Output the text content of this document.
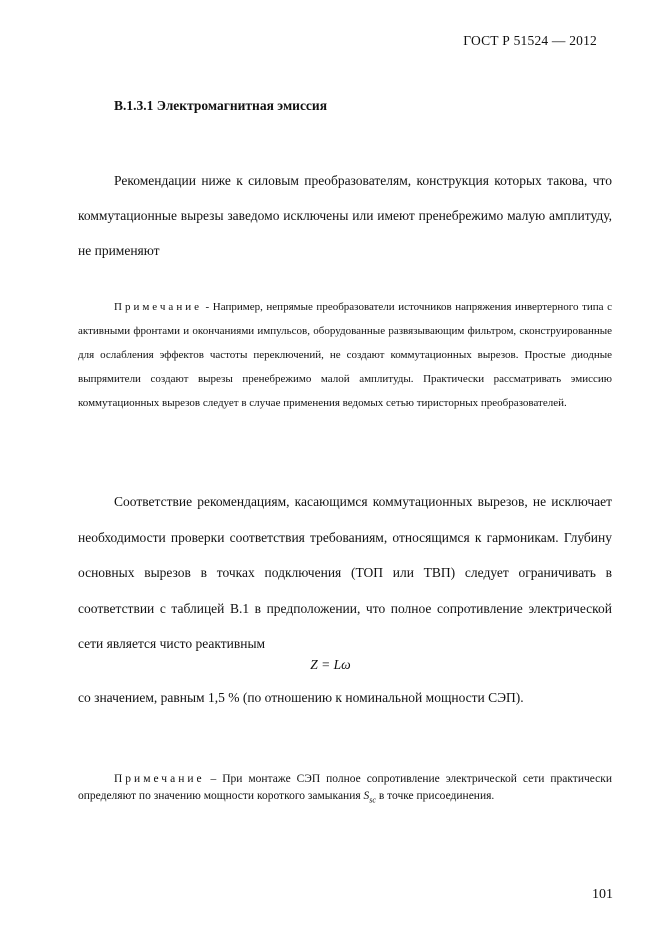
ГОСТ Р 51524 — 2012
В.1.3.1 Электромагнитная эмиссия
Рекомендации ниже к силовым преобразователям, конструкция которых такова, что коммутационные вырезы заведомо исключены или имеют пренебрежимо малую амплитуду, не применяют
Примечание - Например, непрямые преобразователи источников напряжения инвертерного типа с активными фронтами и окончаниями импульсов, оборудованные развязывающим фильтром, сконструированные для ослабления эффектов частоты переключений, не создают коммутационных вырезов. Простые диодные выпрямители создают вырезы пренебрежимо малой амплитуды. Практически рассматривать эмиссию коммутационных вырезов следует в случае применения ведомых сетью тиристорных преобразователей.
Соответствие рекомендациям, касающимся коммутационных вырезов, не исключает необходимости проверки соответствия требованиям, относящимся к гармоникам. Глубину основных вырезов в точках подключения (ТОП или ТВП) следует ограничивать в соответствии с таблицей В.1 в предположении, что полное сопротивление электрической сети является чисто реактивным
Z = Lω
со значением, равным 1,5 % (по отношению к номинальной мощности СЭП).
Примечание – При монтаже СЭП полное сопротивление электрической сети практически определяют по значению мощности короткого замыкания $S_{sc}$ в точке присоединения.
101
